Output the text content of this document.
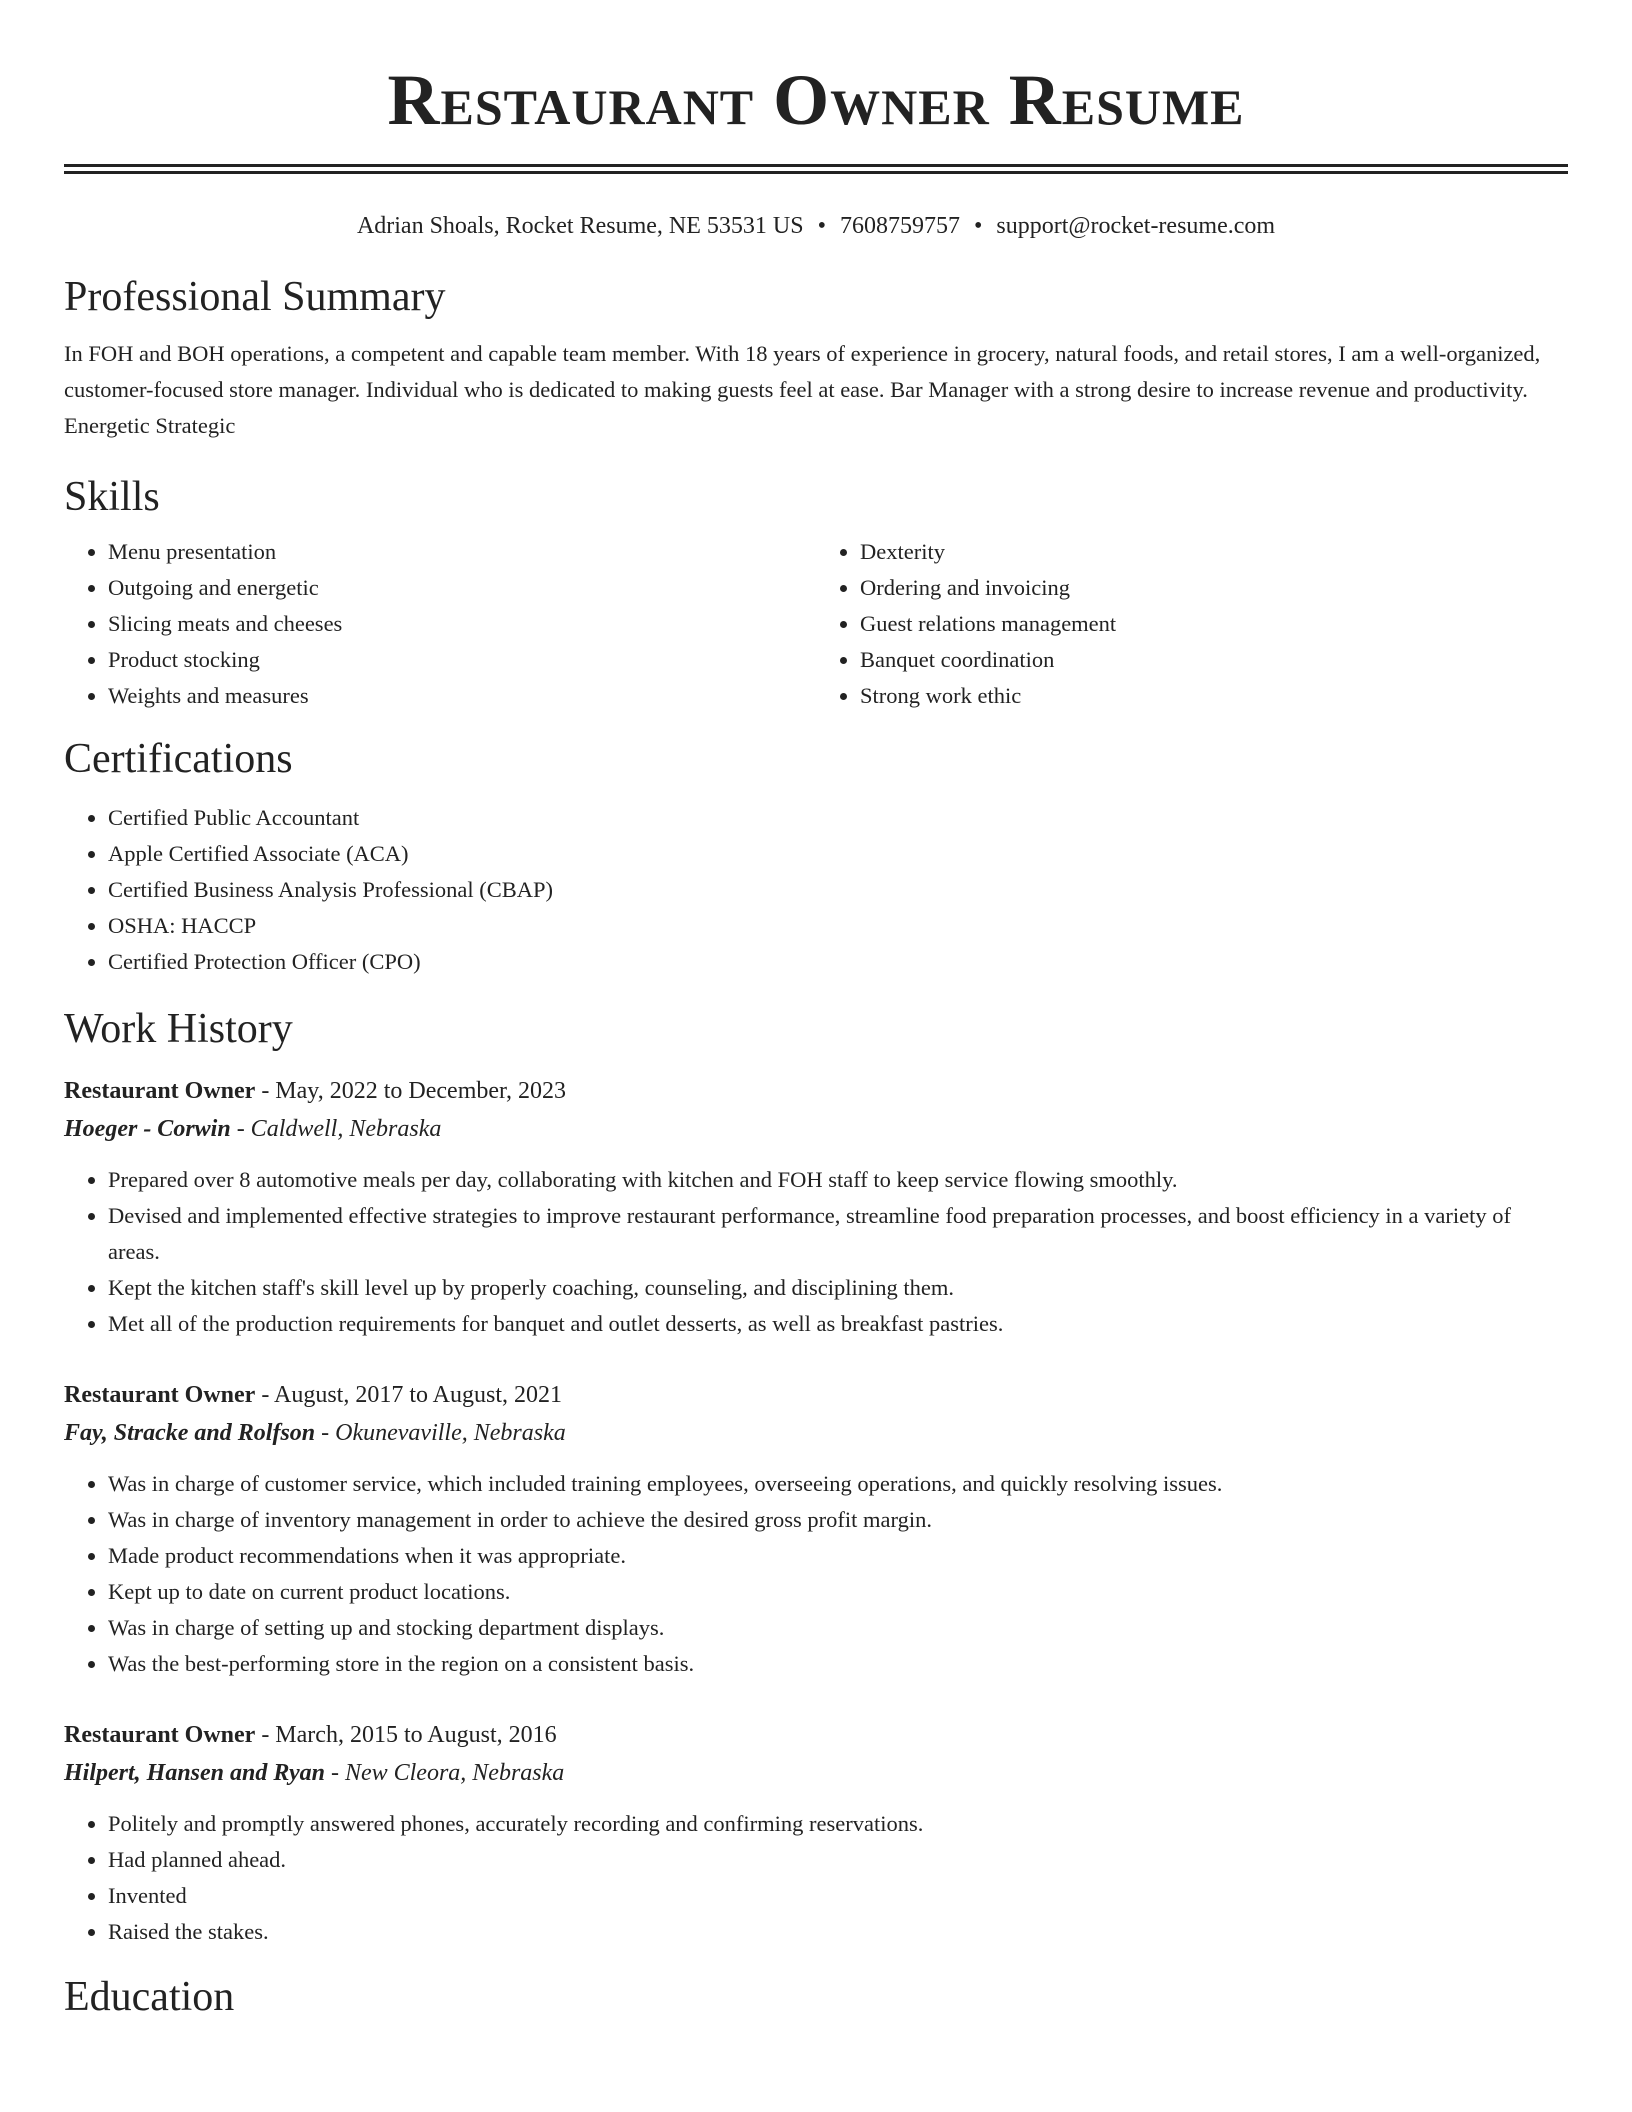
Restaurant Owner Resume
Adrian Shoals, Rocket Resume, NE 53531 US • 7608759757 • support@rocket-resume.com
Professional Summary

In FOH and BOH operations, a competent and capable team member. With 18 years of experience in grocery, natural foods, and retail stores, I am a well-organized, customer-focused store manager. Individual who is dedicated to making guests feel at ease. Bar Manager with a strong desire to increase revenue and productivity. Energetic Strategic

Skills
• Menu presentation
• Outgoing and energetic
• Slicing meats and cheeses
• Product stocking
• Weights and measures
• Dexterity
• Ordering and invoicing
• Guest relations management
• Banquet coordination
• Strong work ethic
Certifications
• Certified Public Accountant
• Apple Certified Associate (ACA)
• Certified Business Analysis Professional (CBAP)
• OSHA: HACCP
• Certified Protection Officer (CPO)
Work History
Restaurant Owner - May, 2022 to December, 2023
Hoeger - Corwin - Caldwell, Nebraska
• Prepared over 8 automotive meals per day, collaborating with kitchen and FOH staff to keep service flowing smoothly.
• Devised and implemented effective strategies to improve restaurant performance, streamline food preparation processes, and boost efficiency in a variety of areas.
• Kept the kitchen staff's skill level up by properly coaching, counseling, and disciplining them.
• Met all of the production requirements for banquet and outlet desserts, as well as breakfast pastries.
Restaurant Owner - August, 2017 to August, 2021
Fay, Stracke and Rolfson - Okunevaville, Nebraska
• Was in charge of customer service, which included training employees, overseeing operations, and quickly resolving issues.
• Was in charge of inventory management in order to achieve the desired gross profit margin.
• Made product recommendations when it was appropriate.
• Kept up to date on current product locations.
• Was in charge of setting up and stocking department displays.
• Was the best-performing store in the region on a consistent basis.
Restaurant Owner - March, 2015 to August, 2016
Hilpert, Hansen and Ryan - New Cleora, Nebraska
• Politely and promptly answered phones, accurately recording and confirming reservations.
• Had planned ahead.
• Invented
• Raised the stakes.
Education
